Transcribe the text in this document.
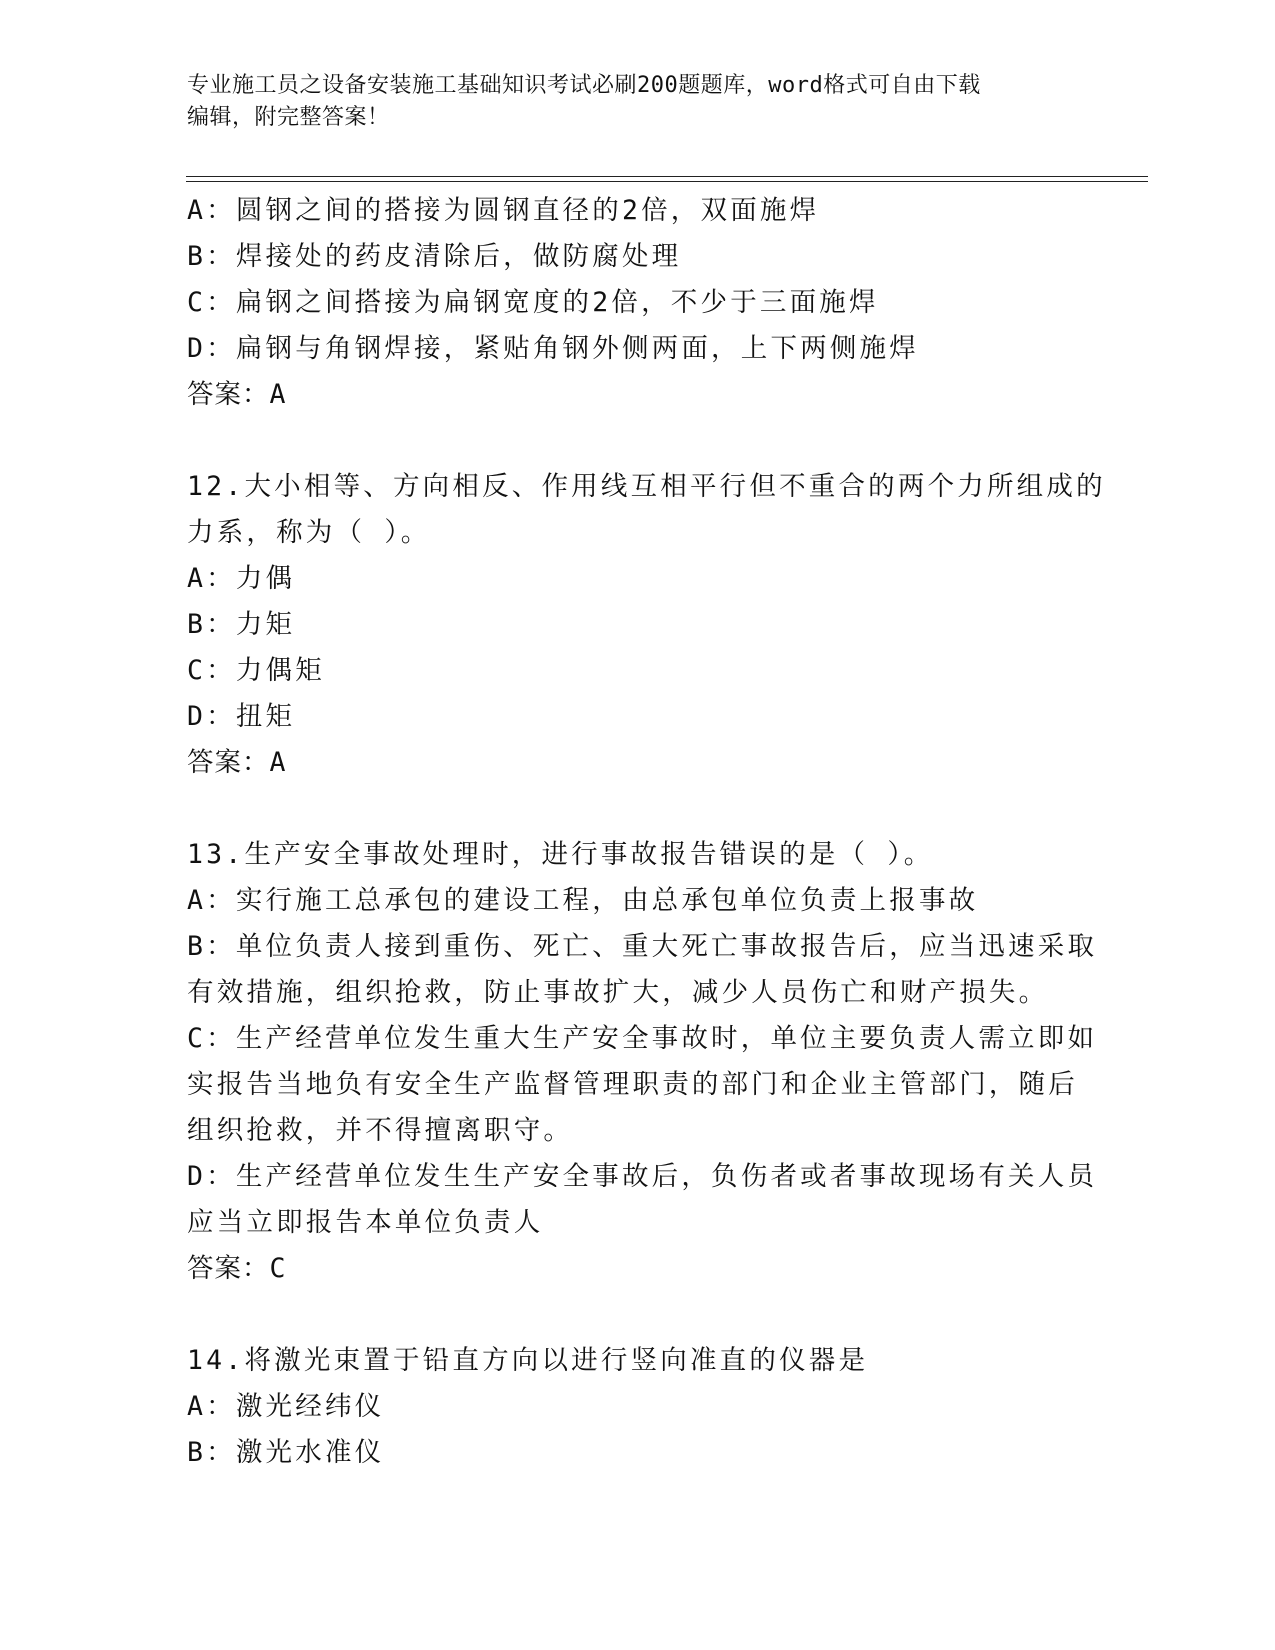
专业施工员之设备安装施工基础知识考试必刷200题题库，word格式可自由下载
编辑，附完整答案！
A：圆钢之间的搭接为圆钢直径的2倍，双面施焊
B：焊接处的药皮清除后，做防腐处理
C：扁钢之间搭接为扁钢宽度的2倍，不少于三面施焊
D：扁钢与角钢焊接，紧贴角钢外侧两面，上下两侧施焊
答案：A
12.大小相等、方向相反、作用线互相平行但不重合的两个力所组成的
力系，称为（ ）。
A：力偶
B：力矩
C：力偶矩
D：扭矩
答案：A
13.生产安全事故处理时，进行事故报告错误的是（ ）。
A：实行施工总承包的建设工程，由总承包单位负责上报事故
B：单位负责人接到重伤、死亡、重大死亡事故报告后，应当迅速采取
有效措施，组织抢救，防止事故扩大，减少人员伤亡和财产损失。
C：生产经营单位发生重大生产安全事故时，单位主要负责人需立即如
实报告当地负有安全生产监督管理职责的部门和企业主管部门，随后
组织抢救，并不得擅离职守。
D：生产经营单位发生生产安全事故后，负伤者或者事故现场有关人员
应当立即报告本单位负责人
答案：C
14.将激光束置于铅直方向以进行竖向准直的仪器是
A：激光经纬仪
B：激光水准仪
